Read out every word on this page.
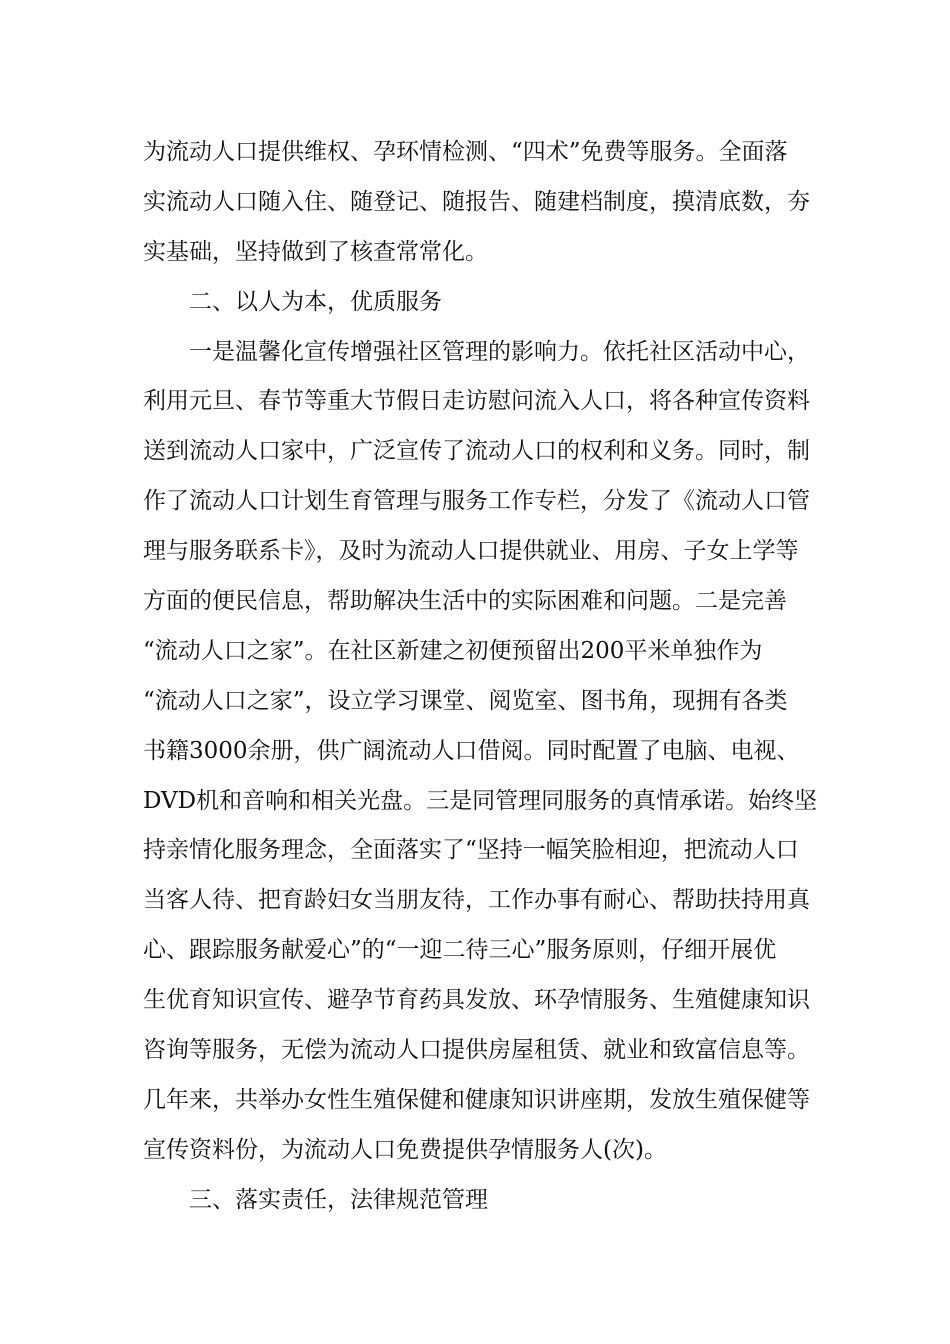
为流动人口提供维权、孕环情检测、“四术”免费等服务。全面落
实流动人口随入住、随登记、随报告、随建档制度，摸清底数，夯
实基础，坚持做到了核查常常化。
二、以人为本，优质服务
一是温馨化宣传增强社区管理的影响力。依托社区活动中心，
利用元旦、春节等重大节假日走访慰问流入人口，将各种宣传资料
送到流动人口家中，广泛宣传了流动人口的权利和义务。同时，制
作了流动人口计划生育管理与服务工作专栏，分发了《流动人口管
理与服务联系卡》，及时为流动人口提供就业、用房、子女上学等
方面的便民信息，帮助解决生活中的实际困难和问题。二是完善
“流动人口之家”。在社区新建之初便预留出200平米单独作为
“流动人口之家”，设立学习课堂、阅览室、图书角，现拥有各类
书籍3000余册，供广阔流动人口借阅。同时配置了电脑、电视、
DVD机和音响和相关光盘。三是同管理同服务的真情承诺。始终坚
持亲情化服务理念，全面落实了“坚持一幅笑脸相迎，把流动人口
当客人待、把育龄妇女当朋友待，工作办事有耐心、帮助扶持用真
心、跟踪服务献爱心”的“一迎二待三心”服务原则，仔细开展优
生优育知识宣传、避孕节育药具发放、环孕情服务、生殖健康知识
咨询等服务，无偿为流动人口提供房屋租赁、就业和致富信息等。
几年来，共举办女性生殖保健和健康知识讲座期，发放生殖保健等
宣传资料份，为流动人口免费提供孕情服务人(次)。
三、落实责任，法律规范管理
